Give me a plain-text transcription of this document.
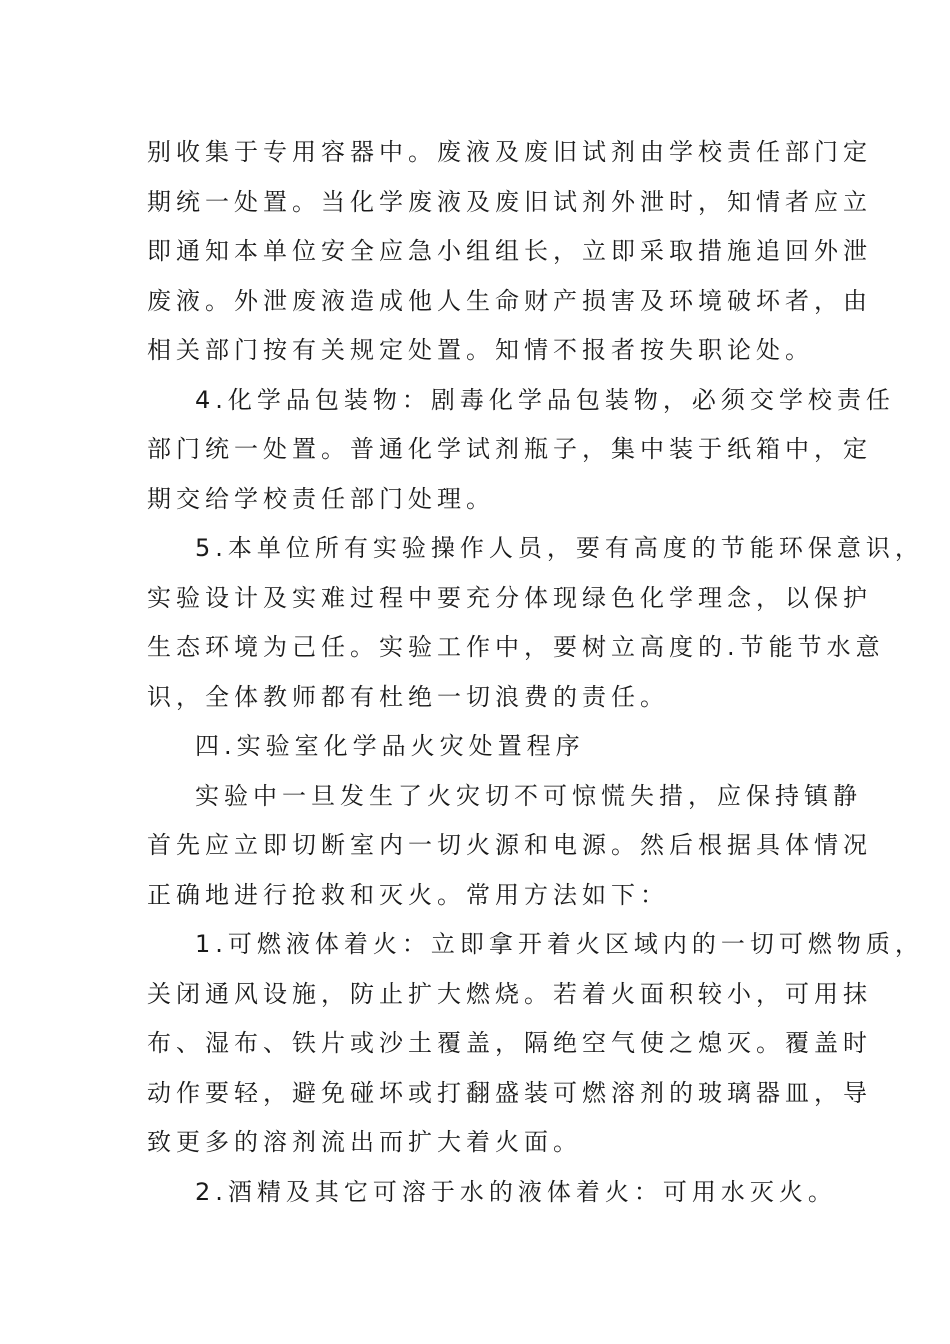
别收集于专用容器中。废液及废旧试剂由学校责任部门定
期统一处置。当化学废液及废旧试剂外泄时，知情者应立
即通知本单位安全应急小组组长，立即采取措施追回外泄
废液。外泄废液造成他人生命财产损害及环境破坏者，由
相关部门按有关规定处置。知情不报者按失职论处。
4.化学品包装物：剧毒化学品包装物，必须交学校责任
部门统一处置。普通化学试剂瓶子，集中装于纸箱中，定
期交给学校责任部门处理。
5.本单位所有实验操作人员，要有高度的节能环保意识，
实验设计及实难过程中要充分体现绿色化学理念，以保护
生态环境为己任。实验工作中，要树立高度的.节能节水意
识，全体教师都有杜绝一切浪费的责任。
四.实验室化学品火灾处置程序
实验中一旦发生了火灾切不可惊慌失措，应保持镇静
首先应立即切断室内一切火源和电源。然后根据具体情况
正确地进行抢救和灭火。常用方法如下：
1.可燃液体着火：立即拿开着火区域内的一切可燃物质，
关闭通风设施，防止扩大燃烧。若着火面积较小，可用抹
布、湿布、铁片或沙土覆盖，隔绝空气使之熄灭。覆盖时
动作要轻，避免碰坏或打翻盛装可燃溶剂的玻璃器皿，导
致更多的溶剂流出而扩大着火面。
2.酒精及其它可溶于水的液体着火：可用水灭火。
